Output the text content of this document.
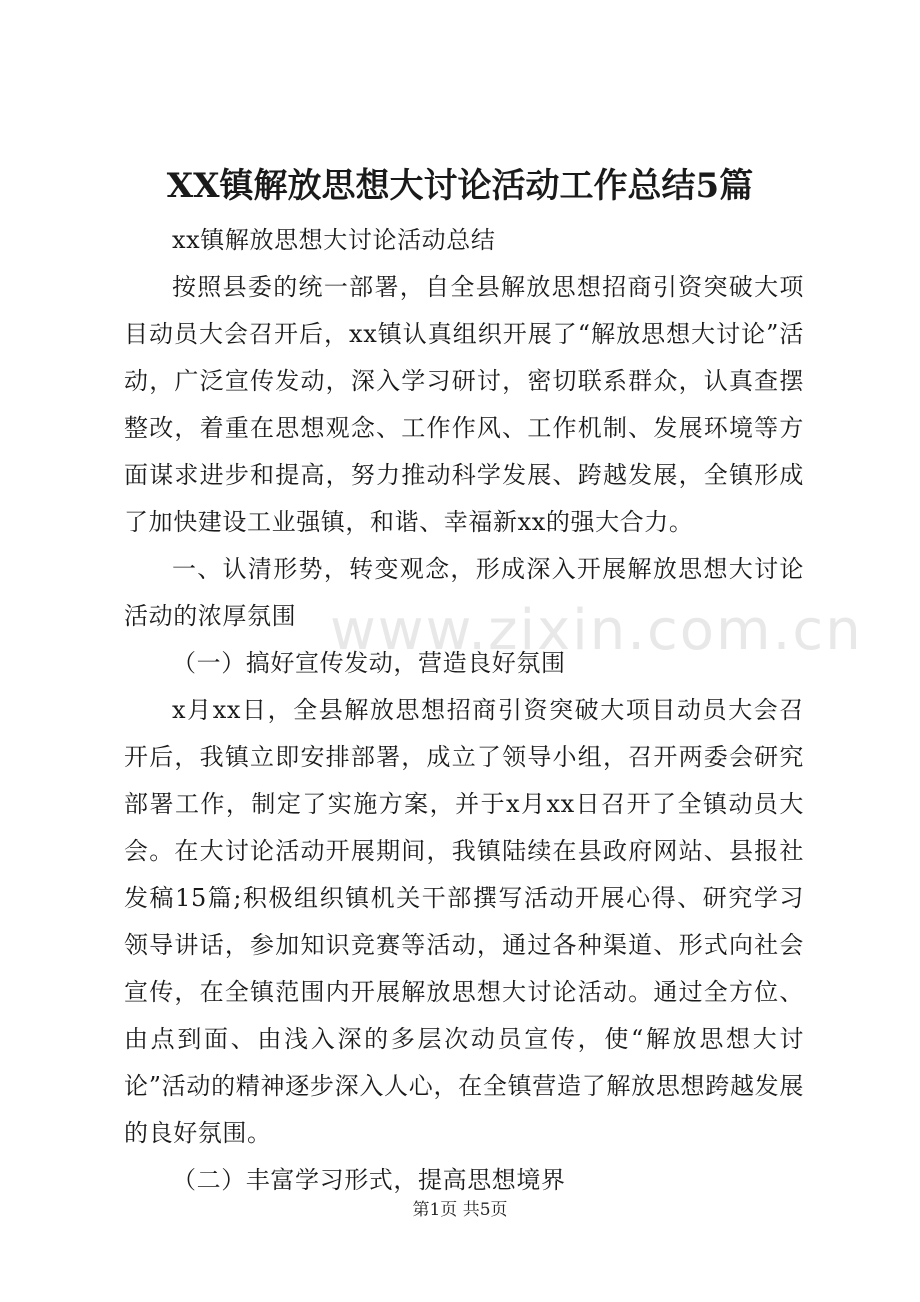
XX镇解放思想大讨论活动工作总结5篇

xx镇解放思想大讨论活动总结

按照县委的统一部署，自全县解放思想招商引资突破大项目动员大会召开后，xx镇认真组织开展了“解放思想大讨论”活动，广泛宣传发动，深入学习研讨，密切联系群众，认真查摆整改，着重在思想观念、工作作风、工作机制、发展环境等方面谋求进步和提高，努力推动科学发展、跨越发展，全镇形成了加快建设工业强镇，和谐、幸福新xx的强大合力。

一、认清形势，转变观念，形成深入开展解放思想大讨论活动的浓厚氛围

（一）搞好宣传发动，营造良好氛围

x月xx日，全县解放思想招商引资突破大项目动员大会召开后，我镇立即安排部署，成立了领导小组，召开两委会研究部署工作，制定了实施方案，并于x月xx日召开了全镇动员大会。在大讨论活动开展期间，我镇陆续在县政府网站、县报社发稿15篇;积极组织镇机关干部撰写活动开展心得、研究学习领导讲话，参加知识竞赛等活动，通过各种渠道、形式向社会宣传，在全镇范围内开展解放思想大讨论活动。通过全方位、由点到面、由浅入深的多层次动员宣传，使“解放思想大讨论”活动的精神逐步深入人心，在全镇营造了解放思想跨越发展的良好氛围。

（二）丰富学习形式，提高思想境界

www.zixin.com.cn
第1页 共5页
